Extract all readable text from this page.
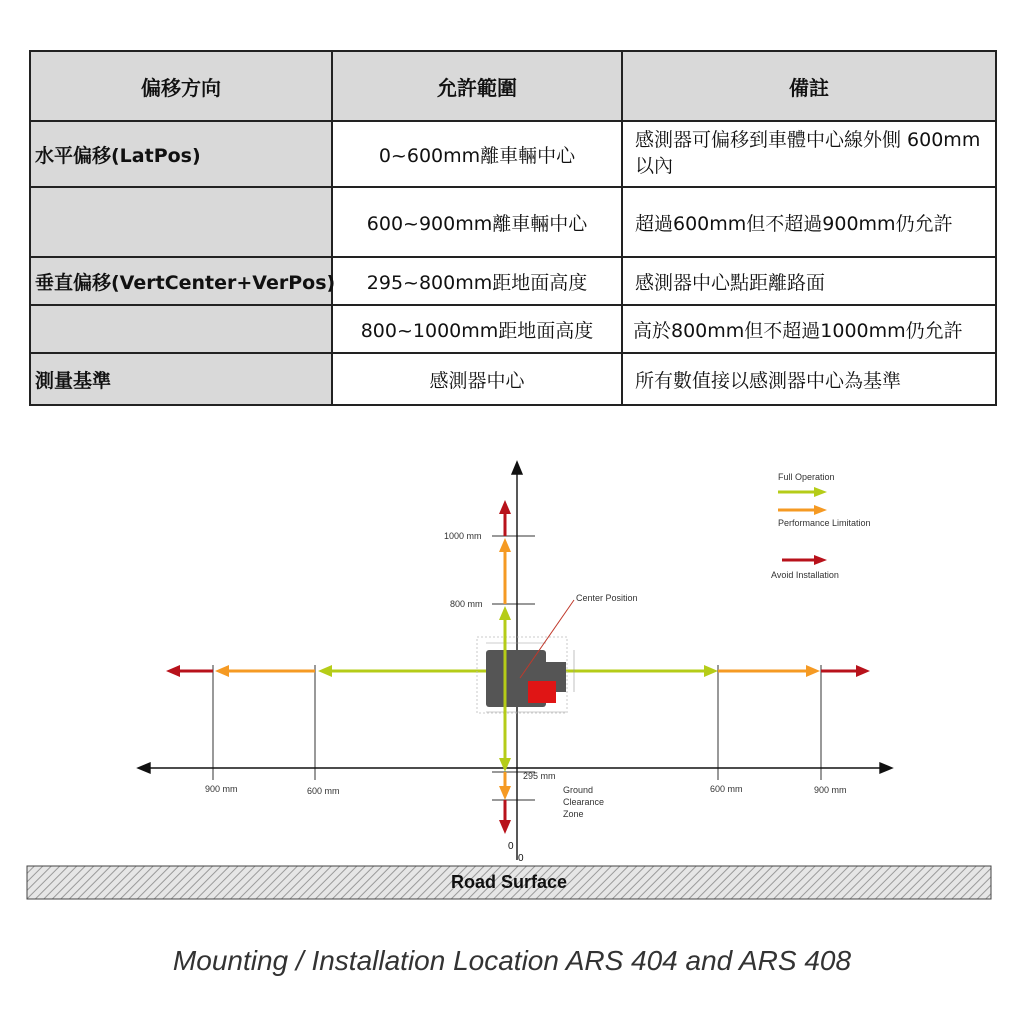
偏移方向	允許範圍	備註
水平偏移(LatPos)	0~600mm離車輛中心	感測器可偏移到車體中心線外側 600mm以內
	600~900mm離車輛中心	超過600mm但不超過900mm仍允許
垂直偏移(VertCenter+VerPos)	295~800mm距地面高度	感測器中心點距離路面
	800~1000mm距地面高度	高於800mm但不超過1000mm仍允許
測量基準	感測器中心	所有數值接以感測器中心為基準
1000 mm
800 mm
295 mm
900 mm	600 mm	600 mm	900 mm
Center Position
Ground
Clearance
Zone
0
0
Full Operation
Performance Limitation
Avoid Installation
Road Surface
Mounting / Installation Location ARS 404 and ARS 408
